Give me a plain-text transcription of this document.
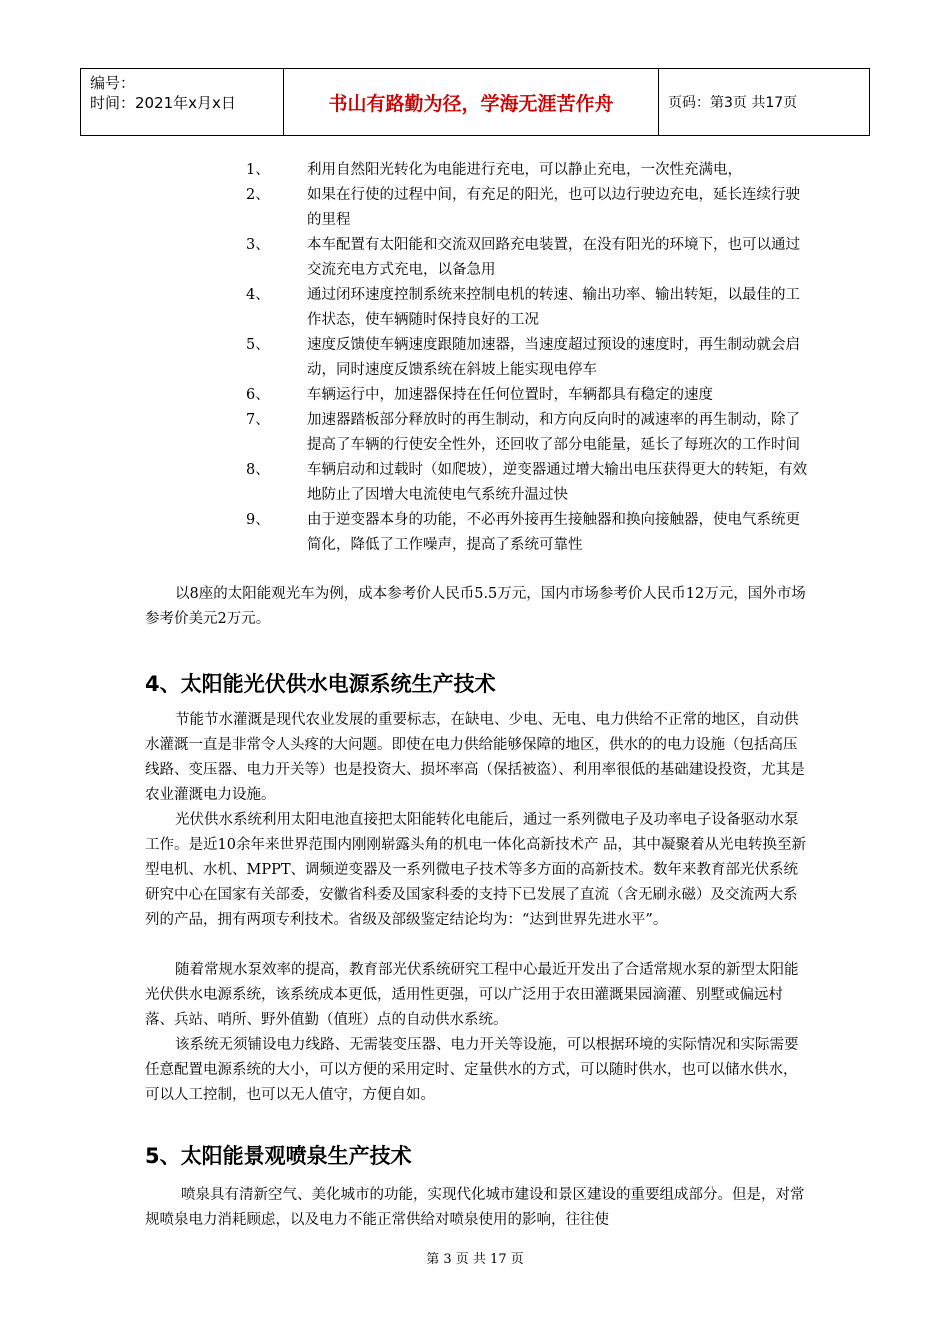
编号：
时间：2021年x月x日	书山有路勤为径，学海无涯苦作舟	页码：第3页 共17页
1、	利用自然阳光转化为电能进行充电，可以静止充电，一次性充满电，
2、	如果在行使的过程中间，有充足的阳光，也可以边行驶边充电，延长连续行驶的里程
3、	本车配置有太阳能和交流双回路充电装置，在没有阳光的环境下，也可以通过交流充电方式充电，以备急用
4、	通过闭环速度控制系统来控制电机的转速、输出功率、输出转矩，以最佳的工作状态，使车辆随时保持良好的工况
5、	速度反馈使车辆速度跟随加速器，当速度超过预设的速度时，再生制动就会启动，同时速度反馈系统在斜坡上能实现电停车
6、	车辆运行中，加速器保持在任何位置时，车辆都具有稳定的速度
7、	加速器踏板部分释放时的再生制动，和方向反向时的减速率的再生制动，除了提高了车辆的行使安全性外，还回收了部分电能量，延长了每班次的工作时间
8、	车辆启动和过载时（如爬坡），逆变器通过增大输出电压获得更大的转矩，有效地防止了因增大电流使电气系统升温过快
9、	由于逆变器本身的功能，不必再外接再生接触器和换向接触器，使电气系统更简化，降低了工作噪声，提高了系统可靠性

以8座的太阳能观光车为例，成本参考价人民币5.5万元，国内市场参考价人民币12万元，国外市场参考价美元2万元。

4、太阳能光伏供水电源系统生产技术

节能节水灌溉是现代农业发展的重要标志，在缺电、少电、无电、电力供给不正常的地区，自动供水灌溉一直是非常令人头疼的大问题。即使在电力供给能够保障的地区，供水的的电力设施（包括高压线路、变压器、电力开关等）也是投资大、损坏率高（保括被盗）、利用率很低的基础建设投资，尤其是农业灌溉电力设施。

光伏供水系统利用太阳电池直接把太阳能转化电能后，通过一系列微电子及功率电子设备驱动水泵工作。是近10余年来世界范围内刚刚崭露头角的机电一体化高新技术产 品，其中凝聚着从光电转换至新型电机、水机、MPPT、调频逆变器及一系列微电子技术等多方面的高新技术。数年来教育部光伏系统研究中心在国家有关部委，安徽省科委及国家科委的支持下已发展了直流（含无刷永磁）及交流两大系列的产品，拥有两项专利技术。省级及部级鉴定结论均为：“达到世界先进水平”。

随着常规水泵效率的提高，教育部光伏系统研究工程中心最近开发出了合适常规水泵的新型太阳能光伏供水电源系统，该系统成本更低，适用性更强，可以广泛用于农田灌溉果园滴灌、别墅或偏远村落、兵站、哨所、野外值勤（值班）点的自动供水系统。

该系统无须铺设电力线路、无需装变压器、电力开关等设施，可以根据环境的实际情况和实际需要任意配置电源系统的大小，可以方便的采用定时、定量供水的方式，可以随时供水，也可以储水供水，可以人工控制，也可以无人值守，方便自如。

5、太阳能景观喷泉生产技术

喷泉具有清新空气、美化城市的功能，实现代化城市建设和景区建设的重要组成部分。但是，对常规喷泉电力消耗顾虑，以及电力不能正常供给对喷泉使用的影响，往往使

第 3 页 共 17 页
